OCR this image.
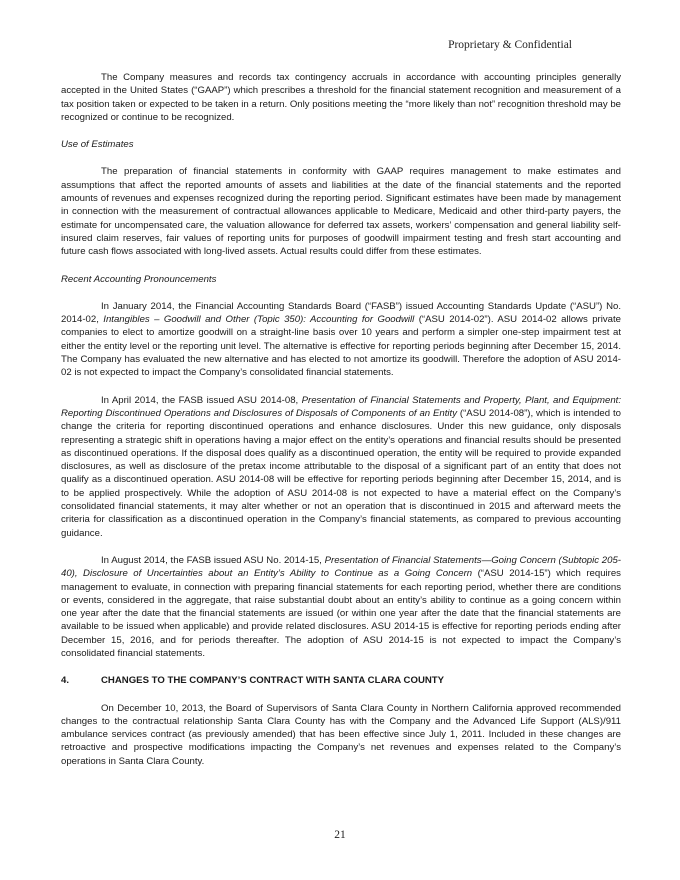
Proprietary & Confidential

The Company measures and records tax contingency accruals in accordance with accounting principles generally accepted in the United States (“GAAP”) which prescribes a threshold for the financial statement recognition and measurement of a tax position taken or expected to be taken in a return. Only positions meeting the “more likely than not” recognition threshold may be recognized or continue to be recognized.

Use of Estimates

The preparation of financial statements in conformity with GAAP requires management to make estimates and assumptions that affect the reported amounts of assets and liabilities at the date of the financial statements and the reported amounts of revenues and expenses recognized during the reporting period. Significant estimates have been made by management in connection with the measurement of contractual allowances applicable to Medicare, Medicaid and other third-party payers, the estimate for uncompensated care, the valuation allowance for deferred tax assets, workers’ compensation and general liability self-insured claim reserves, fair values of reporting units for purposes of goodwill impairment testing and fresh start accounting and future cash flows associated with long-lived assets. Actual results could differ from these estimates.

Recent Accounting Pronouncements

In January 2014, the Financial Accounting Standards Board (“FASB”) issued Accounting Standards Update (“ASU”) No. 2014-02, Intangibles – Goodwill and Other (Topic 350): Accounting for Goodwill (“ASU 2014-02”). ASU 2014-02 allows private companies to elect to amortize goodwill on a straight-line basis over 10 years and perform a simpler one-step impairment test at either the entity level or the reporting unit level. The alternative is effective for reporting periods beginning after December 15, 2014. The Company has evaluated the new alternative and has elected to not amortize its goodwill. Therefore the adoption of ASU 2014-02 is not expected to impact the Company’s consolidated financial statements.

In April 2014, the FASB issued ASU 2014-08, Presentation of Financial Statements and Property, Plant, and Equipment: Reporting Discontinued Operations and Disclosures of Disposals of Components of an Entity (“ASU 2014-08”), which is intended to change the criteria for reporting discontinued operations and enhance disclosures. Under this new guidance, only disposals representing a strategic shift in operations having a major effect on the entity’s operations and financial results should be presented as discontinued operations. If the disposal does qualify as a discontinued operation, the entity will be required to provide expanded disclosures, as well as disclosure of the pretax income attributable to the disposal of a significant part of an entity that does not qualify as a discontinued operation. ASU 2014-08 will be effective for reporting periods beginning after December 15, 2014, and is to be applied prospectively. While the adoption of ASU 2014-08 is not expected to have a material effect on the Company’s consolidated financial statements, it may alter whether or not an operation that is discontinued in 2015 and afterward meets the criteria for classification as a discontinued operation in the Company’s financial statements, as compared to previous accounting guidance.

In August 2014, the FASB issued ASU No. 2014-15, Presentation of Financial Statements—Going Concern (Subtopic 205-40), Disclosure of Uncertainties about an Entity’s Ability to Continue as a Going Concern (“ASU 2014-15”) which requires management to evaluate, in connection with preparing financial statements for each reporting period, whether there are conditions or events, considered in the aggregate, that raise substantial doubt about an entity’s ability to continue as a going concern within one year after the date that the financial statements are issued (or within one year after the date that the financial statements are available to be issued when applicable) and provide related disclosures. ASU 2014-15 is effective for reporting periods ending after December 15, 2016, and for periods thereafter. The adoption of ASU 2014-15 is not expected to impact the Company’s consolidated financial statements.

4.	CHANGES TO THE COMPANY’S CONTRACT WITH SANTA CLARA COUNTY

On December 10, 2013, the Board of Supervisors of Santa Clara County in Northern California approved recommended changes to the contractual relationship Santa Clara County has with the Company and the Advanced Life Support (ALS)/911 ambulance services contract (as previously amended) that has been effective since July 1, 2011. Included in these changes are retroactive and prospective modifications impacting the Company’s net revenues and expenses related to the Company’s operations in Santa Clara County.

21
